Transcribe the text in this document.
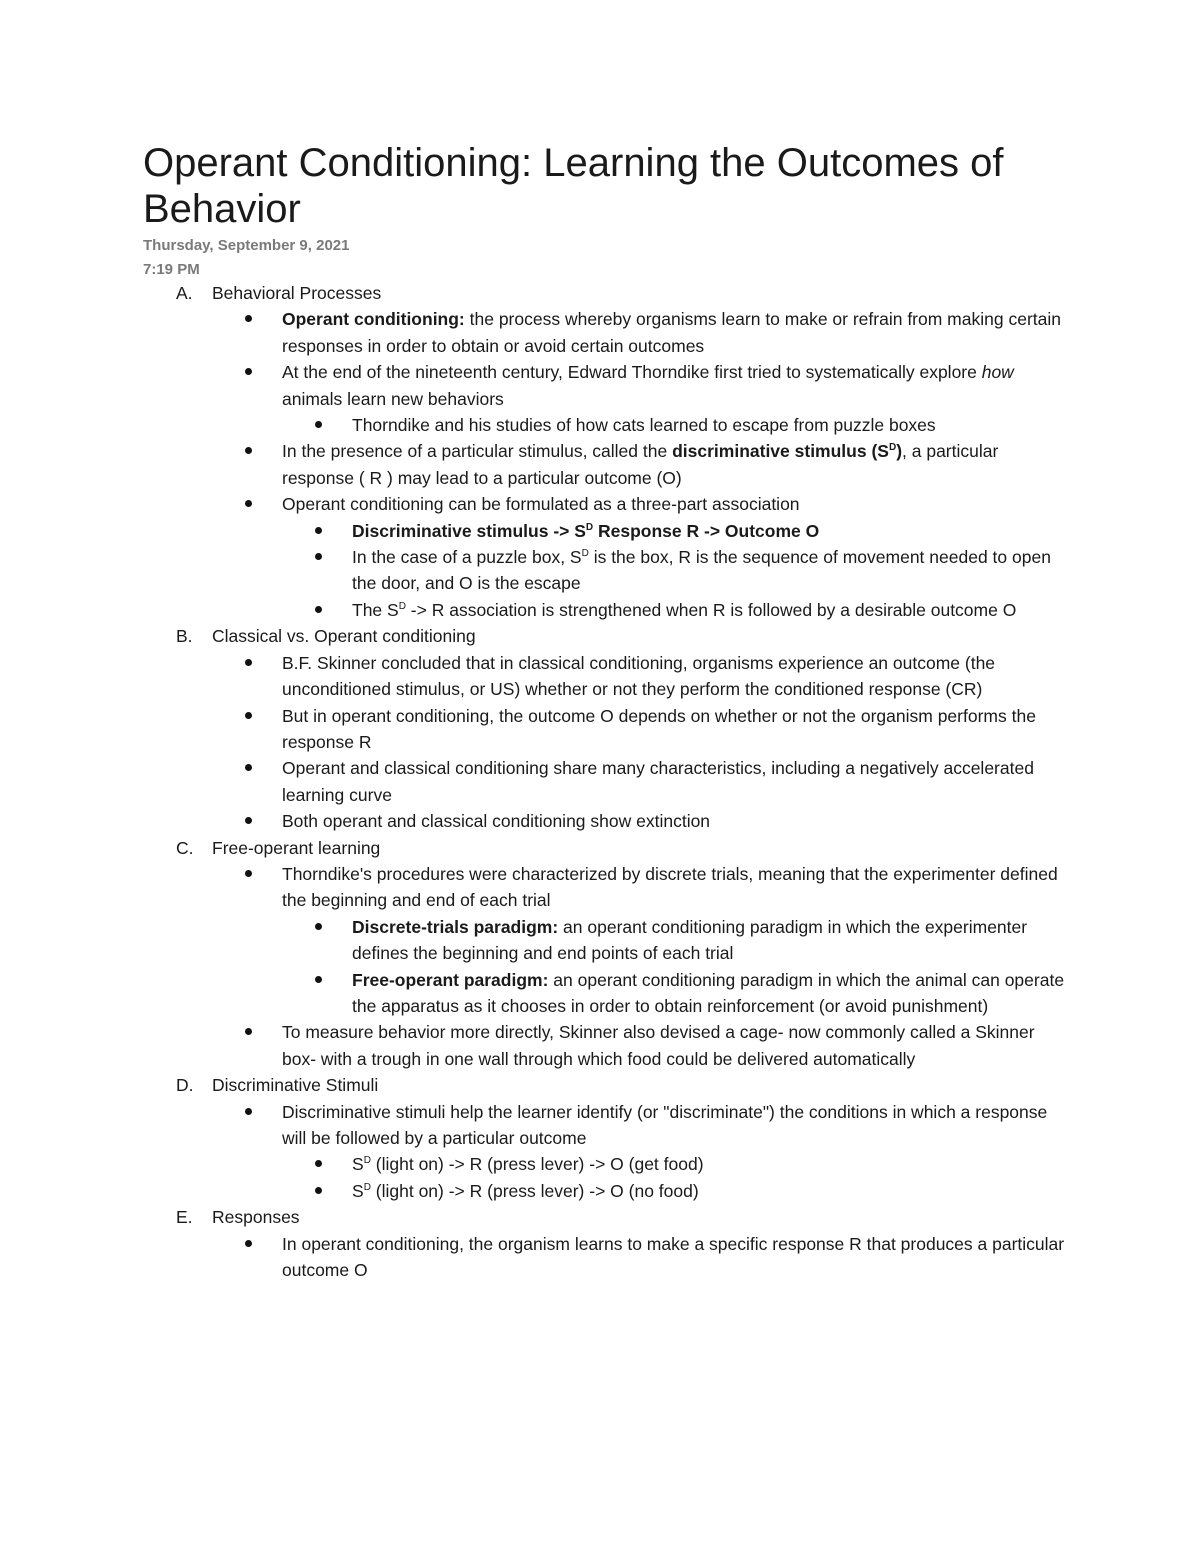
Operant Conditioning: Learning the Outcomes of Behavior
Thursday, September 9, 2021
7:19 PM
A. Behavioral Processes
Operant conditioning: the process whereby organisms learn to make or refrain from making certain responses in order to obtain or avoid certain outcomes
At the end of the nineteenth century, Edward Thorndike first tried to systematically explore how animals learn new behaviors
Thorndike and his studies of how cats learned to escape from puzzle boxes
In the presence of a particular stimulus, called the discriminative stimulus $(S^D)$, a particular response ( R ) may lead to a particular outcome (O)
Operant conditioning can be formulated as a three-part association
Discriminative stimulus -> $S^D$ Response R -> Outcome O
In the case of a puzzle box, $S^D$ is the box, R is the sequence of movement needed to open the door, and O is the escape
The $S^D -> R$ association is strengthened when R is followed by a desirable outcome O
B. Classical vs. Operant conditioning
B.F. Skinner concluded that in classical conditioning, organisms experience an outcome (the unconditioned stimulus, or US) whether or not they perform the conditioned response (CR)
But in operant conditioning, the outcome O depends on whether or not the organism performs the response R
Operant and classical conditioning share many characteristics, including a negatively accelerated learning curve
Both operant and classical conditioning show extinction
C. Free-operant learning
Thorndike's procedures were characterized by discrete trials, meaning that the experimenter defined the beginning and end of each trial
Discrete-trials paradigm: an operant conditioning paradigm in which the experimenter defines the beginning and end points of each trial
Free-operant paradigm: an operant conditioning paradigm in which the animal can operate the apparatus as it chooses in order to obtain reinforcement (or avoid punishment)
To measure behavior more directly, Skinner also devised a cage- now commonly called a Skinner box- with a trough in one wall through which food could be delivered automatically
D. Discriminative Stimuli
Discriminative stimuli help the learner identify (or "discriminate") the conditions in which a response will be followed by a particular outcome
$S^D$ (light on) -> R (press lever) -> O (get food)
$S^D$ (light on) -> R (press lever) -> O (no food)
E. Responses
In operant conditioning, the organism learns to make a specific response R that produces a particular outcome O
